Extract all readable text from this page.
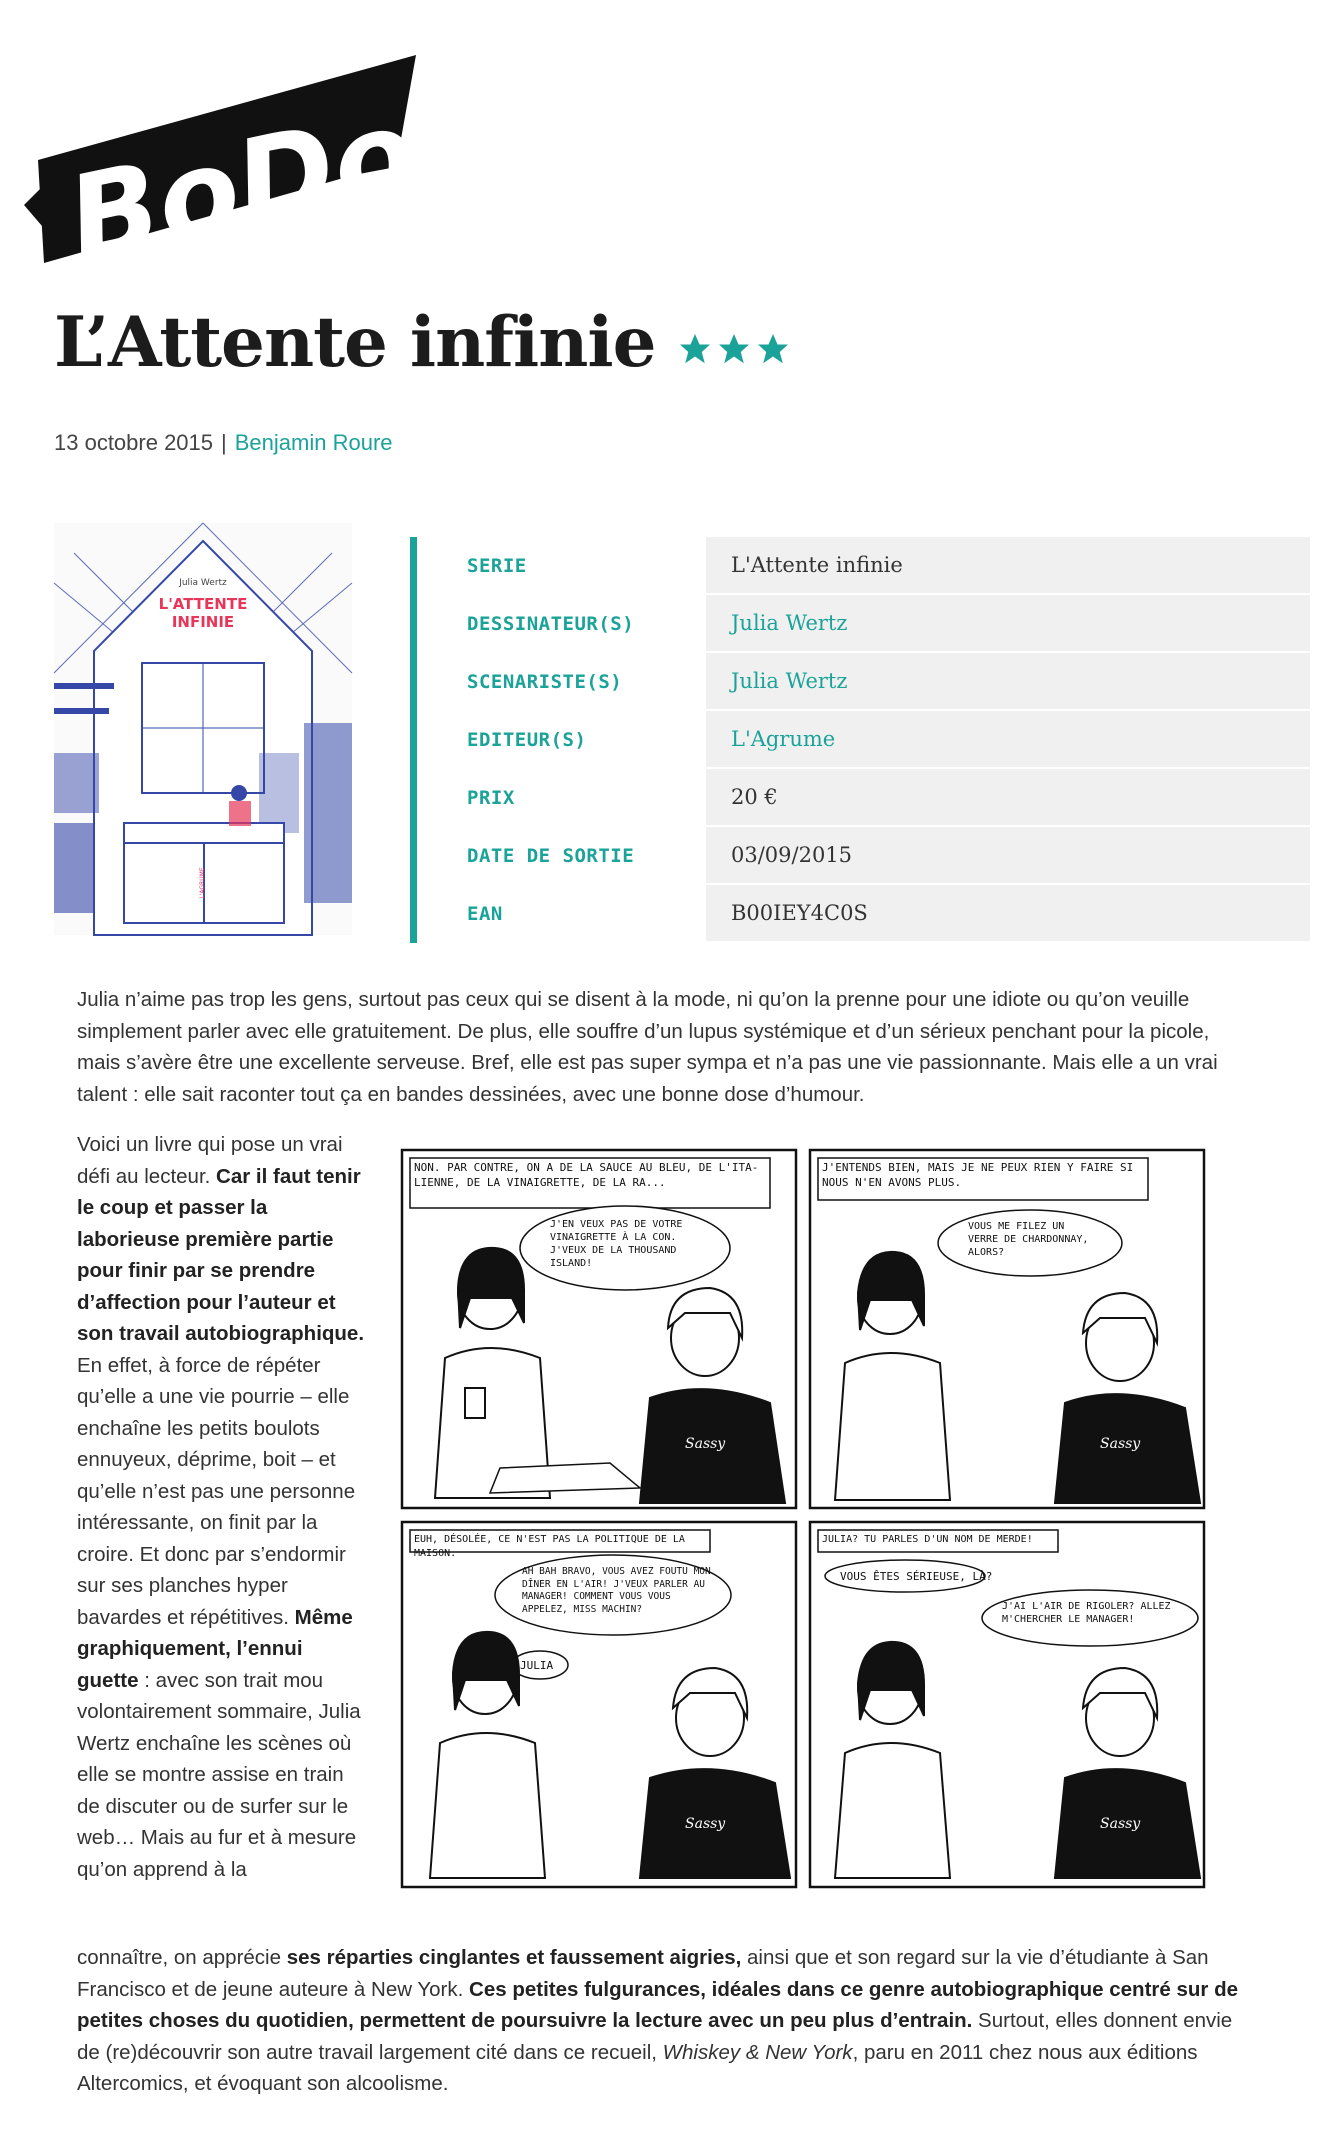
BoDoï
L’Attente infinie
13 octobre 2015 | Benjamin Roure
Julia Wertz
L'ATTENTE
INFINIE
L'AGRUME
SERIE	L'Attente infinie
DESSINATEUR(S)	Julia Wertz
SCENARISTE(S)	Julia Wertz
EDITEUR(S)	L'Agrume
PRIX	20 €
DATE DE SORTIE	03/09/2015
EAN	B00IEY4C0S

Julia n’aime pas trop les gens, surtout pas ceux qui se disent à la mode, ni qu’on la prenne pour une idiote ou qu’on veuille simplement parler avec elle gratuitement. De plus, elle souffre d’un lupus systémique et d’un sérieux penchant pour la picole, mais s’avère être une excellente serveuse. Bref, elle est pas super sympa et n’a pas une vie passionnante. Mais elle a un vrai talent : elle sait raconter tout ça en bandes dessinées, avec une bonne dose d’humour.

Voici un livre qui pose un vrai défi au lecteur. Car il faut tenir le coup et passer la laborieuse première partie pour finir par se prendre d’affection pour l’auteur et son travail autobiographique. En effet, à force de répéter qu’elle a une vie pourrie – elle enchaîne les petits boulots ennuyeux, déprime, boit – et qu’elle n’est pas une personne intéressante, on finit par la croire. Et donc par s’endormir sur ses planches hyper bavardes et répétitives. Même graphiquement, l’ennui guette : avec son trait mou volontairement sommaire, Julia Wertz enchaîne les scènes où elle se montre assise en train de discuter ou de surfer sur le web… Mais au fur et à mesure qu’on apprend à la

NON. PAR CONTRE, ON A DE LA SAUCE AU BLEU, DE L'ITA- LIENNE, DE LA VINAIGRETTE, DE LA RA...
J'EN VEUX PAS DE VOTRE VINAIGRETTE À LA CON. J'VEUX DE LA THOUSAND ISLAND!
Sassy
J'ENTENDS BIEN, MAIS JE NE PEUX RIEN Y FAIRE SI NOUS N'EN AVONS PLUS.
VOUS ME FILEZ UN VERRE DE CHARDONNAY, ALORS?
Sassy
EUH, DÉSOLÉE, CE N'EST PAS LA POLITIQUE DE LA MAISON.
AH BAH BRAVO, VOUS AVEZ FOUTU MON DÎNER EN L'AIR! J'VEUX PARLER AU MANAGER! COMMENT VOUS VOUS APPELEZ, MISS MACHIN?
JULIA
Sassy
JULIA? TU PARLES D'UN NOM DE MERDE!
VOUS ÊTES SÉRIEUSE, LÀ?
J'AI L'AIR DE RIGOLER? ALLEZ M'CHERCHER LE MANAGER!
Sassy

connaître, on apprécie ses réparties cinglantes et faussement aigries, ainsi que et son regard sur la vie d’étudiante à San Francisco et de jeune auteure à New York. Ces petites fulgurances, idéales dans ce genre autobiographique centré sur de petites choses du quotidien, permettent de poursuivre la lecture avec un peu plus d’entrain. Surtout, elles donnent envie de (re)découvrir son autre travail largement cité dans ce recueil, Whiskey & New York, paru en 2011 chez nous aux éditions Altercomics, et évoquant son alcoolisme.
